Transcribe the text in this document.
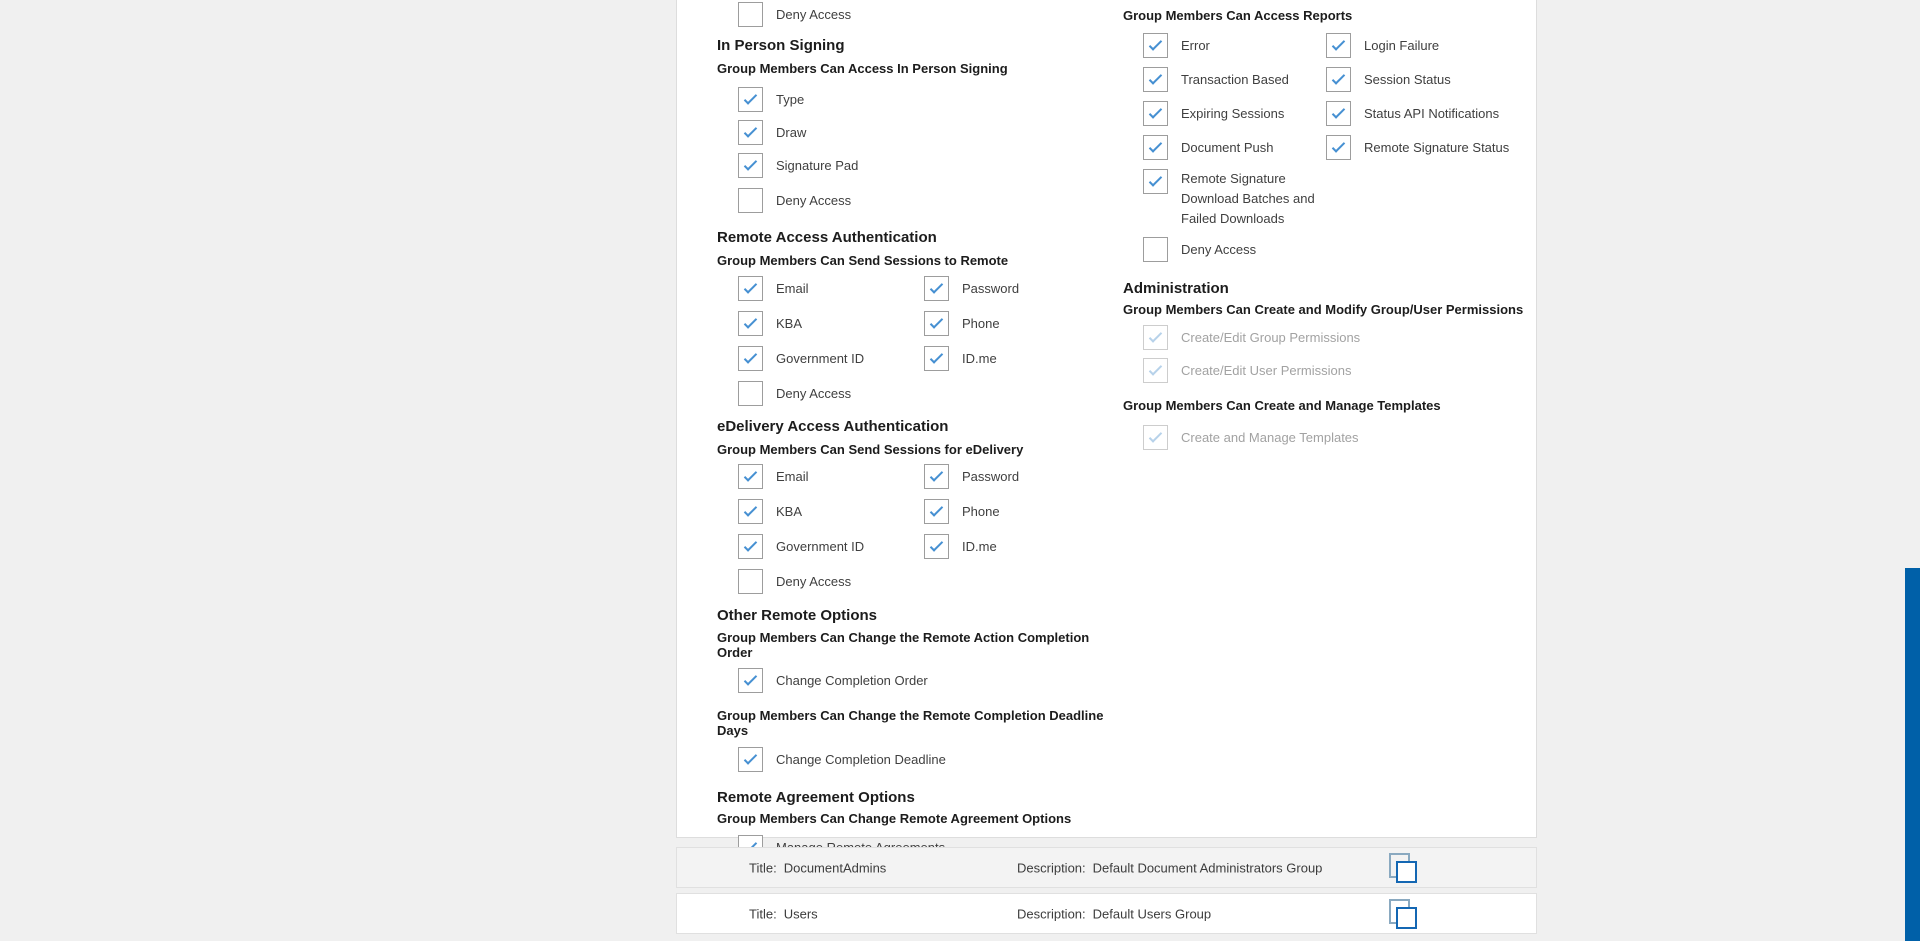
Deny Access
In Person Signing
Group Members Can Access In Person Signing
Type
Draw
Signature Pad
Deny Access
Remote Access Authentication
Group Members Can Send Sessions to Remote
Email	Password
KBA	Phone
Government ID	ID.me
Deny Access
eDelivery Access Authentication
Group Members Can Send Sessions for eDelivery
Email	Password
KBA	Phone
Government ID	ID.me
Deny Access
Other Remote Options
Group Members Can Change the Remote Action Completion Order
Change Completion Order
Group Members Can Change the Remote Completion Deadline Days
Change Completion Deadline
Remote Agreement Options
Group Members Can Change Remote Agreement Options
Group Members Can Access Reports
Error	Login Failure
Transaction Based	Session Status
Expiring Sessions	Status API Notifications
Document Push	Remote Signature Status
Remote Signature Download Batches and Failed Downloads
Deny Access
Administration
Group Members Can Create and Modify Group/User Permissions
Create/Edit Group Permissions
Create/Edit User Permissions
Group Members Can Create and Manage Templates
Create and Manage Templates
Title: DocumentAdmins	Description: Default Document Administrators Group
Title: Users	Description: Default Users Group
